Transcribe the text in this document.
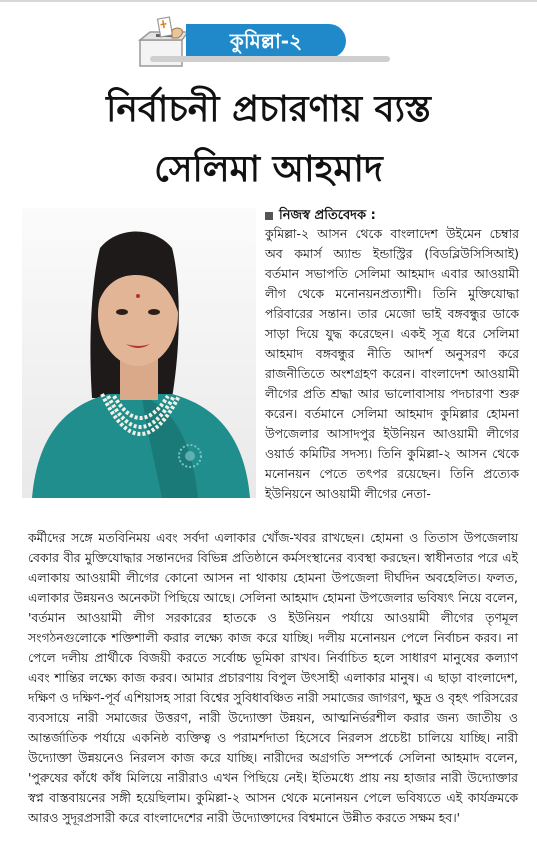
কুমিল্লা-২
নির্বাচনী প্রচারণায় ব্যস্ত
সেলিমা আহমাদ
নিজস্ব প্রতিবেদক :

কুমিল্লা-২ আসন থেকে বাংলাদেশ উইমেন চেম্বার অব কমার্স অ্যান্ড ইন্ডাস্ট্রির (বিডব্লিউসিসিআই) বর্তমান সভাপতি সেলিমা আহমাদ এবার আওয়ামী লীগ থেকে মনোনয়নপ্রত্যাশী। তিনি মুক্তিযোদ্ধা পরিবারের সন্তান। তার মেজো ভাই বঙ্গবন্ধুর ডাকে সাড়া দিয়ে যুদ্ধ করেছেন। একই সূত্র ধরে সেলিমা আহমাদ বঙ্গবন্ধুর নীতি আদর্শ অনুসরণ করে রাজনীতিতে অংশগ্রহণ করেন। বাংলাদেশ আওয়ামী লীগের প্রতি শ্রদ্ধা আর ভালোবাসায় পদচারণা শুরু করেন। বর্তমানে সেলিমা আহমাদ কুমিল্লার হোমনা উপজেলার আসাদপুর ইউনিয়ন আওয়ামী লীগের ওয়ার্ড কমিটির সদস্য। তিনি কুমিল্লা-২ আসন থেকে মনোনয়ন পেতে তৎপর রয়েছেন। তিনি প্রত্যেক ইউনিয়নে আওয়ামী লীগের নেতা-

কর্মীদের সঙ্গে মতবিনিময় এবং সর্বদা এলাকার খোঁজ-খবর রাখছেন। হোমনা ও তিতাস উপজেলায় বেকার বীর মুক্তিযোদ্ধার সন্তানদের বিভিন্ন প্রতিষ্ঠানে কর্মসংস্থানের ব্যবস্থা করছেন। স্বাধীনতার পরে এই এলাকায় আওয়ামী লীগের কোনো আসন না থাকায় হোমনা উপজেলা দীর্ঘদিন অবহেলিত। ফলত, এলাকার উন্নয়নও অনেকটা পিছিয়ে আছে। সেলিনা আহমাদ হোমনা উপজেলার ভবিষ্যৎ নিয়ে বলেন, 'বর্তমান আওয়ামী লীগ সরকারের হাতকে ও ইউনিয়ন পর্যায়ে আওয়ামী লীগের তৃণমূল সংগঠনগুলোকে শক্তিশালী করার লক্ষ্যে কাজ করে যাচ্ছি। দলীয় মনোনয়ন পেলে নির্বাচন করব। না পেলে দলীয় প্রার্থীকে বিজয়ী করতে সর্বোচ্চ ভূমিকা রাখব। নির্বাচিত হলে সাধারণ মানুষের কল্যাণ এবং শান্তির লক্ষ্যে কাজ করব। আমার প্রচারণায় বিপুল উৎসাহী এলাকার মানুষ। এ ছাড়া বাংলাদেশ, দক্ষিণ ও দক্ষিণ-পূর্ব এশিয়াসহ সারা বিশ্বের সুবিধাবঞ্চিত নারী সমাজের জাগরণ, ক্ষুদ্র ও বৃহৎ পরিসরের ব্যবসায়ে নারী সমাজের উত্তরণ, নারী উদ্যোক্তা উন্নয়ন, আত্মনির্ভরশীল করার জন্য জাতীয় ও আন্তর্জাতিক পর্যায়ে একনিষ্ঠ ব্যক্তিত্ব ও পরামর্শদাতা হিসেবে নিরলস প্রচেষ্টা চালিয়ে যাচ্ছি। নারী উদ্যোক্তা উন্নয়নেও নিরলস কাজ করে যাচ্ছি। নারীদের অগ্রগতি সম্পর্কে সেলিনা আহমাদ বলেন, 'পুরুষের কাঁধে কাঁধ মিলিয়ে নারীরাও এখন পিছিয়ে নেই। ইতিমধ্যে প্রায় নয় হাজার নারী উদ্যোক্তার স্বপ্ন বাস্তবায়নের সঙ্গী হয়েছিলাম। কুমিল্লা-২ আসন থেকে মনোনয়ন পেলে ভবিষ্যতে এই কার্যক্রমকে আরও সুদূরপ্রসারী করে বাংলাদেশের নারী উদ্যোক্তাদের বিশ্বমানে উন্নীত করতে সক্ষম হব।'
